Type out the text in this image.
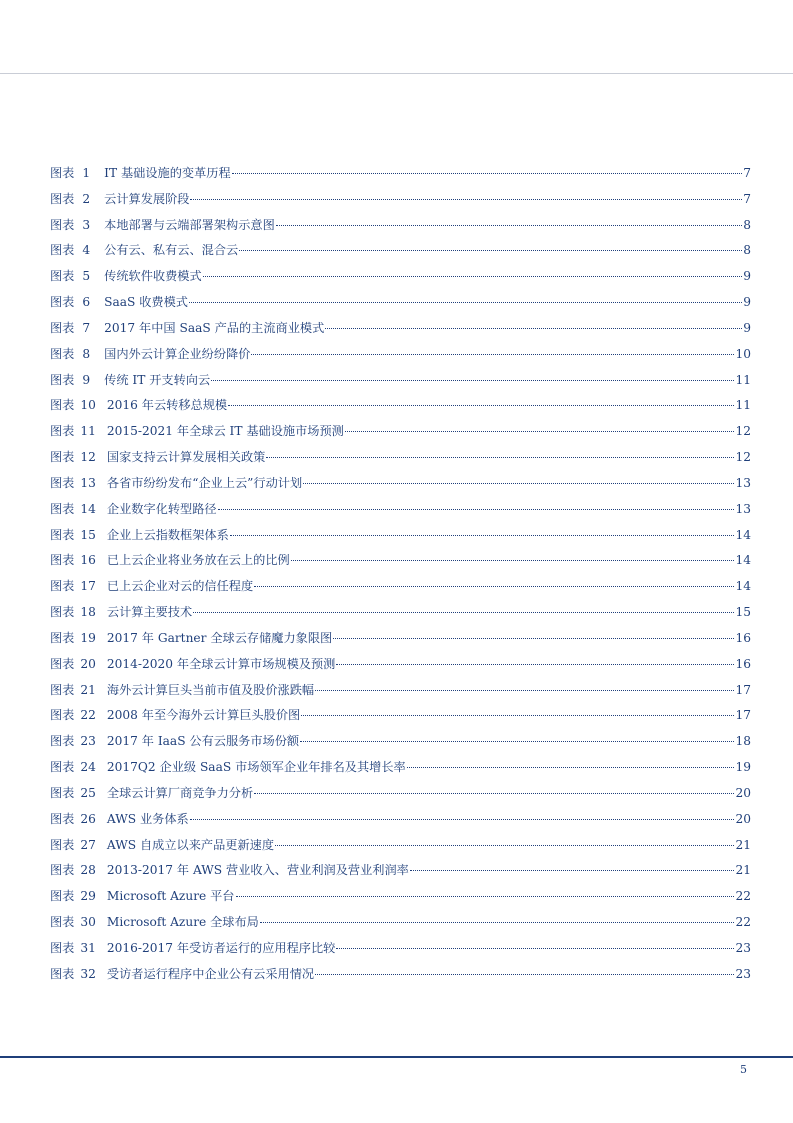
图表 1 IT 基础设施的变革历程	7
图表 2 云计算发展阶段	7
图表 3 本地部署与云端部署架构示意图	8
图表 4 公有云、私有云、混合云	8
图表 5 传统软件收费模式	9
图表 6 SaaS 收费模式	9
图表 7 2017 年中国 SaaS 产品的主流商业模式	9
图表 8 国内外云计算企业纷纷降价	10
图表 9 传统 IT 开支转向云	11
图表 10 2016 年云转移总规模	11
图表 11 2015-2021 年全球云 IT 基础设施市场预测	12
图表 12 国家支持云计算发展相关政策	12
图表 13 各省市纷纷发布“企业上云”行动计划	13
图表 14 企业数字化转型路径	13
图表 15 企业上云指数框架体系	14
图表 16 已上云企业将业务放在云上的比例	14
图表 17 已上云企业对云的信任程度	14
图表 18 云计算主要技术	15
图表 19 2017 年 Gartner 全球云存储魔力象限图	16
图表 20 2014-2020 年全球云计算市场规模及预测	16
图表 21 海外云计算巨头当前市值及股价涨跌幅	17
图表 22 2008 年至今海外云计算巨头股价图	17
图表 23 2017 年 IaaS 公有云服务市场份额	18
图表 24 2017Q2 企业级 SaaS 市场领军企业年排名及其增长率	19
图表 25 全球云计算厂商竞争力分析	20
图表 26 AWS 业务体系	20
图表 27 AWS 自成立以来产品更新速度	21
图表 28 2013-2017 年 AWS 营业收入、营业利润及营业利润率	21
图表 29 Microsoft Azure 平台	22
图表 30 Microsoft Azure 全球布局	22
图表 31 2016-2017 年受访者运行的应用程序比较	23
图表 32 受访者运行程序中企业公有云采用情况	23
5
